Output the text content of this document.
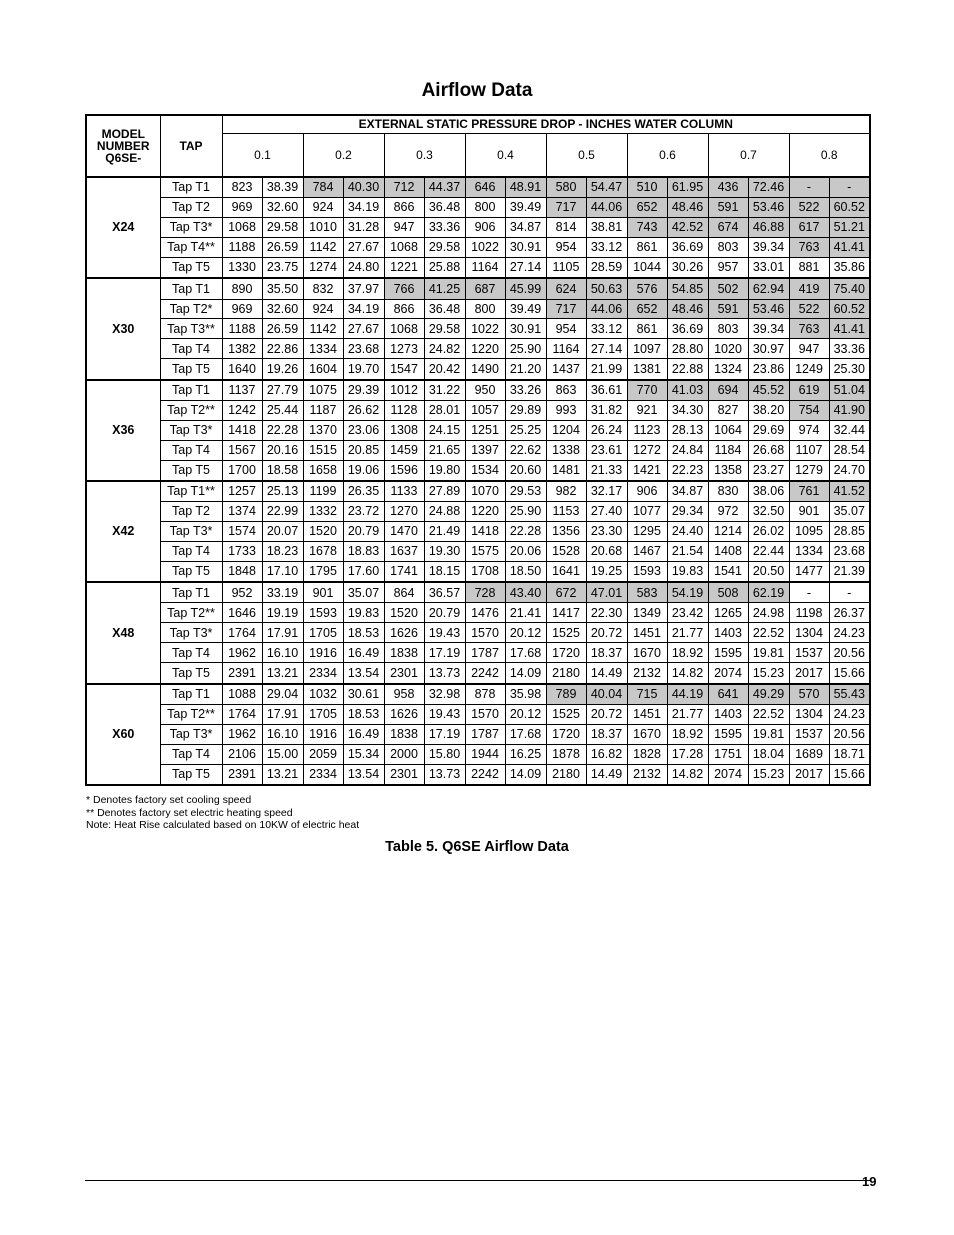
Airflow Data
MODEL NUMBER Q6SE-	TAP	EXTERNAL STATIC PRESSURE DROP - INCHES WATER COLUMN															
		0.1		0.2		0.3		0.4		0.5		0.6		0.7		0.8	
X24	Tap T1	823	38.39	784	40.30	712	44.37	646	48.91	580	54.47	510	61.95	436	72.46	-	-
	Tap T2	969	32.60	924	34.19	866	36.48	800	39.49	717	44.06	652	48.46	591	53.46	522	60.52
	Tap T3*	1068	29.58	1010	31.28	947	33.36	906	34.87	814	38.81	743	42.52	674	46.88	617	51.21
	Tap T4**	1188	26.59	1142	27.67	1068	29.58	1022	30.91	954	33.12	861	36.69	803	39.34	763	41.41
	Tap T5	1330	23.75	1274	24.80	1221	25.88	1164	27.14	1105	28.59	1044	30.26	957	33.01	881	35.86
X30	Tap T1	890	35.50	832	37.97	766	41.25	687	45.99	624	50.63	576	54.85	502	62.94	419	75.40
	Tap T2*	969	32.60	924	34.19	866	36.48	800	39.49	717	44.06	652	48.46	591	53.46	522	60.52
	Tap T3**	1188	26.59	1142	27.67	1068	29.58	1022	30.91	954	33.12	861	36.69	803	39.34	763	41.41
	Tap T4	1382	22.86	1334	23.68	1273	24.82	1220	25.90	1164	27.14	1097	28.80	1020	30.97	947	33.36
	Tap T5	1640	19.26	1604	19.70	1547	20.42	1490	21.20	1437	21.99	1381	22.88	1324	23.86	1249	25.30
X36	Tap T1	1137	27.79	1075	29.39	1012	31.22	950	33.26	863	36.61	770	41.03	694	45.52	619	51.04
	Tap T2**	1242	25.44	1187	26.62	1128	28.01	1057	29.89	993	31.82	921	34.30	827	38.20	754	41.90
	Tap T3*	1418	22.28	1370	23.06	1308	24.15	1251	25.25	1204	26.24	1123	28.13	1064	29.69	974	32.44
	Tap T4	1567	20.16	1515	20.85	1459	21.65	1397	22.62	1338	23.61	1272	24.84	1184	26.68	1107	28.54
	Tap T5	1700	18.58	1658	19.06	1596	19.80	1534	20.60	1481	21.33	1421	22.23	1358	23.27	1279	24.70
X42	Tap T1**	1257	25.13	1199	26.35	1133	27.89	1070	29.53	982	32.17	906	34.87	830	38.06	761	41.52
	Tap T2	1374	22.99	1332	23.72	1270	24.88	1220	25.90	1153	27.40	1077	29.34	972	32.50	901	35.07
	Tap T3*	1574	20.07	1520	20.79	1470	21.49	1418	22.28	1356	23.30	1295	24.40	1214	26.02	1095	28.85
	Tap T4	1733	18.23	1678	18.83	1637	19.30	1575	20.06	1528	20.68	1467	21.54	1408	22.44	1334	23.68
	Tap T5	1848	17.10	1795	17.60	1741	18.15	1708	18.50	1641	19.25	1593	19.83	1541	20.50	1477	21.39
X48	Tap T1	952	33.19	901	35.07	864	36.57	728	43.40	672	47.01	583	54.19	508	62.19	-	-
	Tap T2**	1646	19.19	1593	19.83	1520	20.79	1476	21.41	1417	22.30	1349	23.42	1265	24.98	1198	26.37
	Tap T3*	1764	17.91	1705	18.53	1626	19.43	1570	20.12	1525	20.72	1451	21.77	1403	22.52	1304	24.23
	Tap T4	1962	16.10	1916	16.49	1838	17.19	1787	17.68	1720	18.37	1670	18.92	1595	19.81	1537	20.56
	Tap T5	2391	13.21	2334	13.54	2301	13.73	2242	14.09	2180	14.49	2132	14.82	2074	15.23	2017	15.66
X60	Tap T1	1088	29.04	1032	30.61	958	32.98	878	35.98	789	40.04	715	44.19	641	49.29	570	55.43
	Tap T2**	1764	17.91	1705	18.53	1626	19.43	1570	20.12	1525	20.72	1451	21.77	1403	22.52	1304	24.23
	Tap T3*	1962	16.10	1916	16.49	1838	17.19	1787	17.68	1720	18.37	1670	18.92	1595	19.81	1537	20.56
	Tap T4	2106	15.00	2059	15.34	2000	15.80	1944	16.25	1878	16.82	1828	17.28	1751	18.04	1689	18.71
	Tap T5	2391	13.21	2334	13.54	2301	13.73	2242	14.09	2180	14.49	2132	14.82	2074	15.23	2017	15.66
* Denotes factory set cooling speed
** Denotes factory set electric heating speed
Note: Heat Rise calculated based on 10KW of electric heat
Table 5. Q6SE Airflow Data
19
